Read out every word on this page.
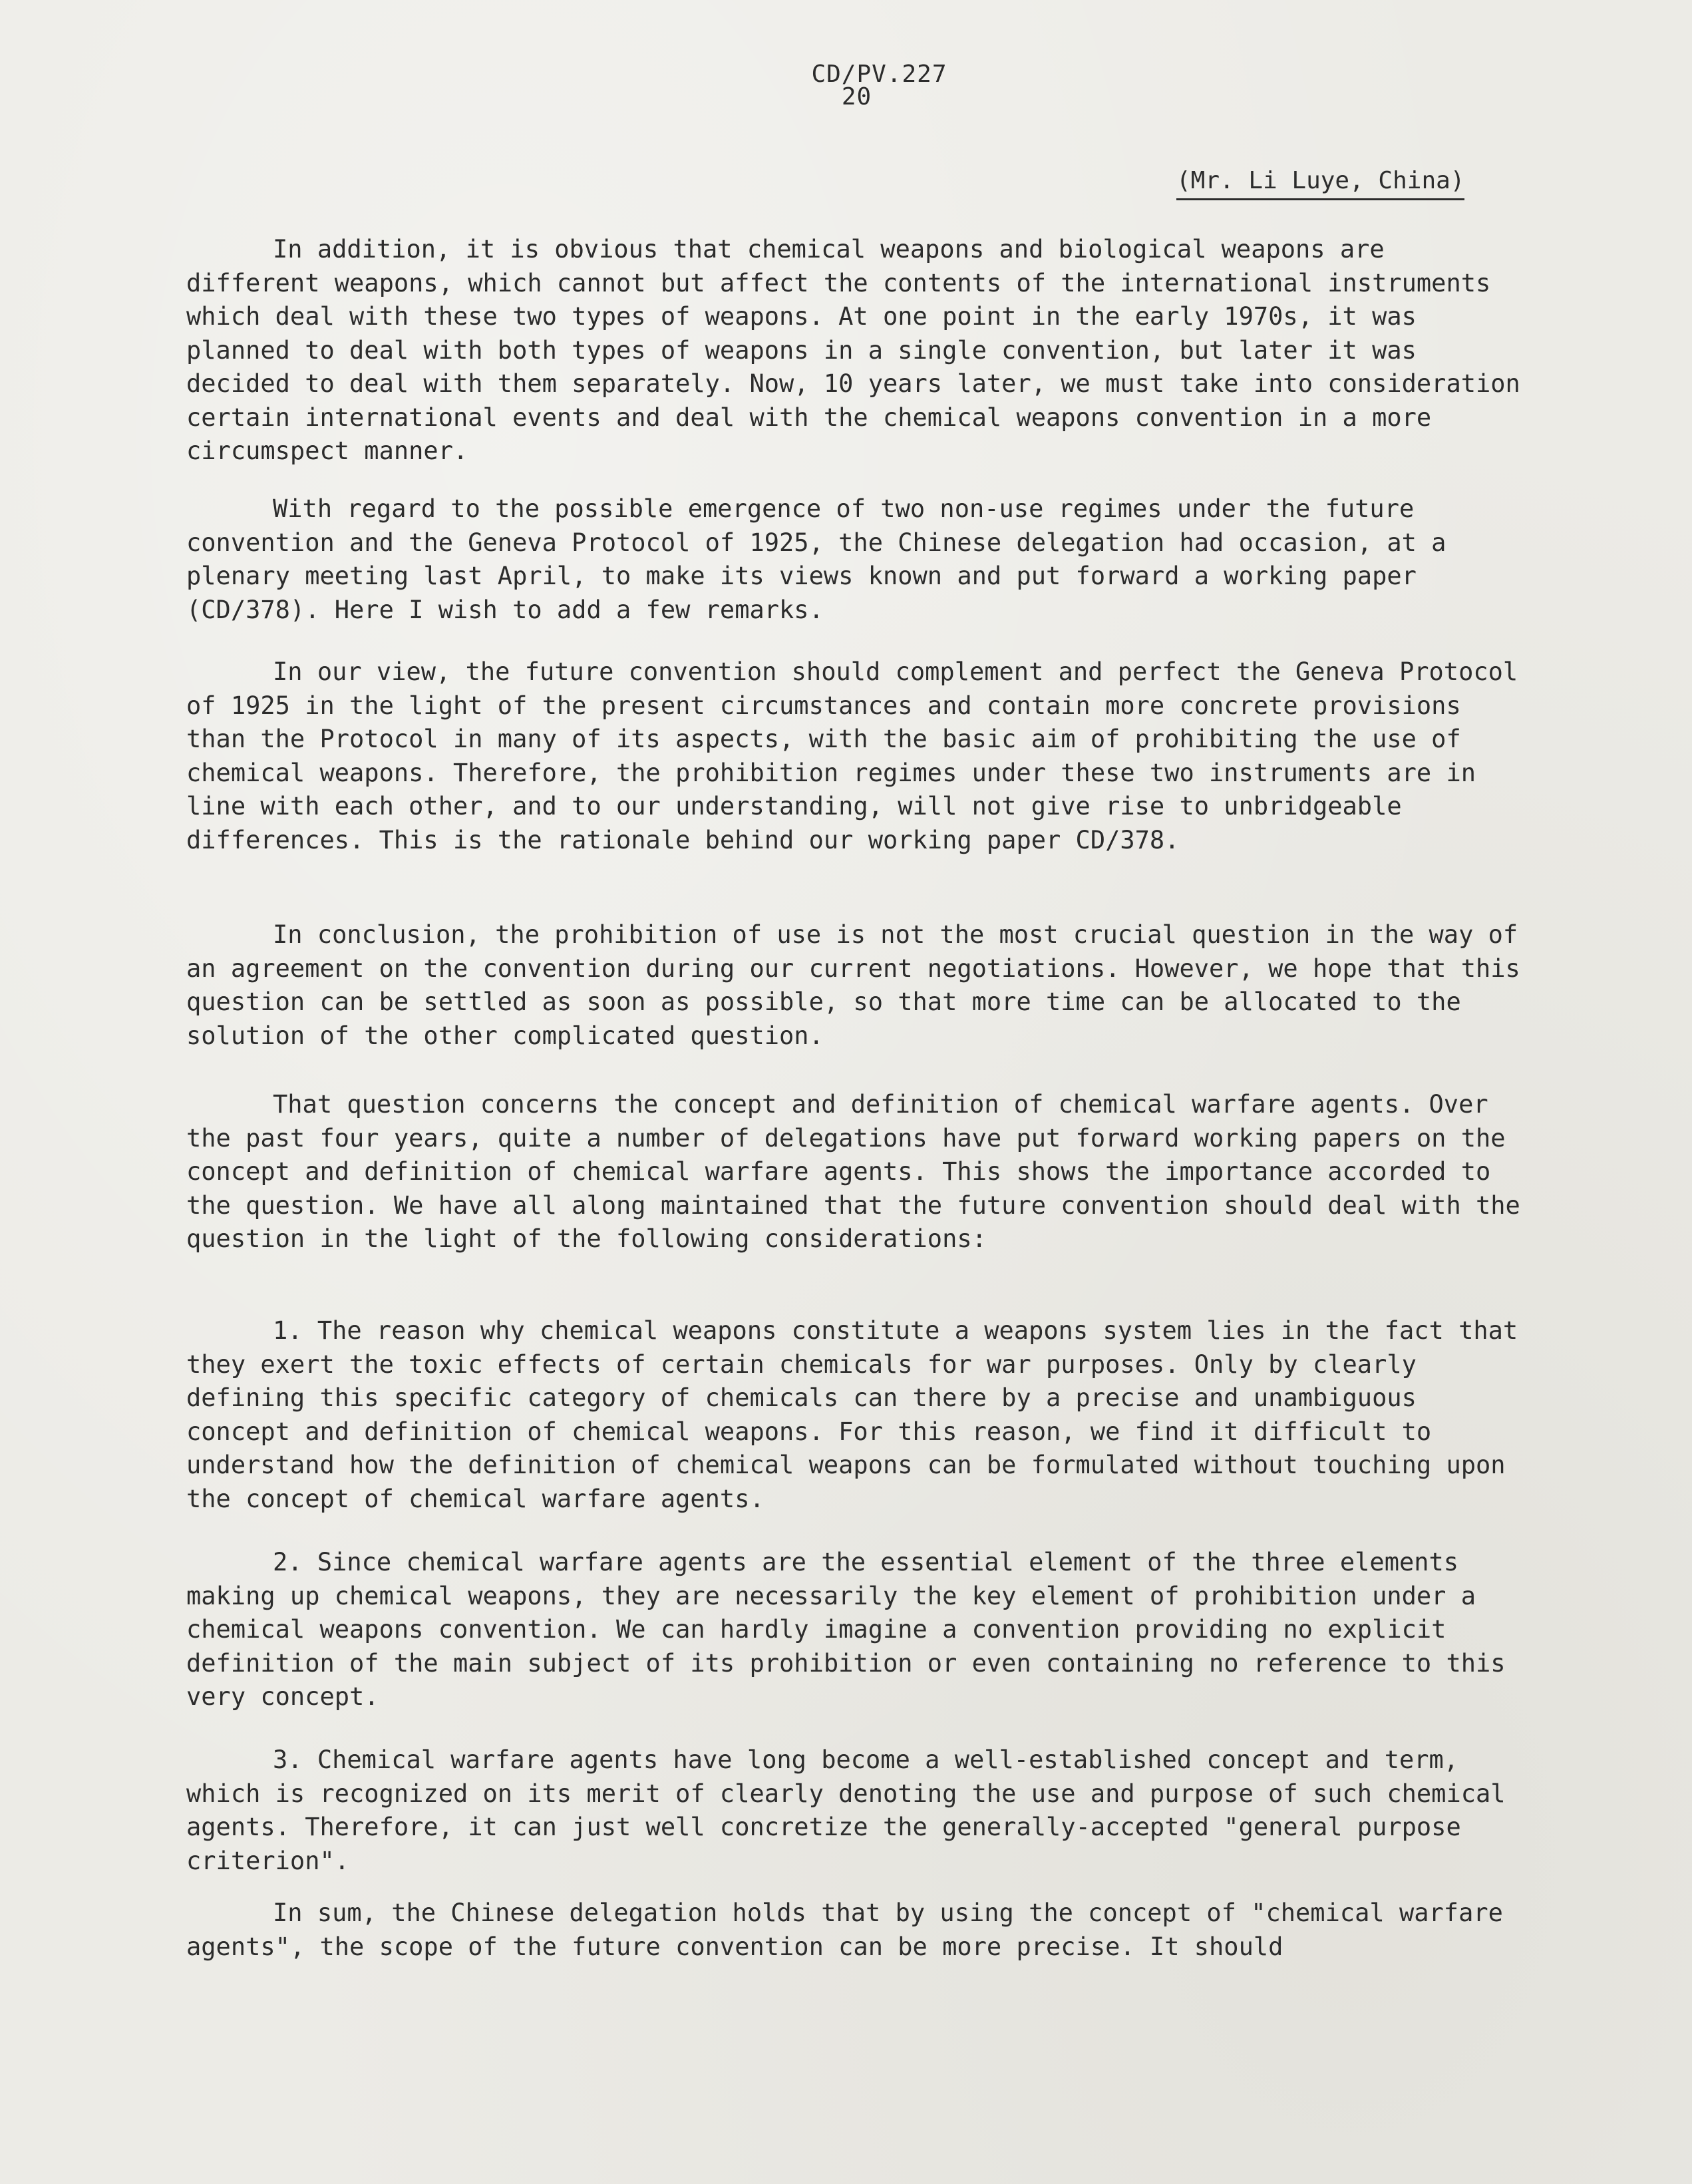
CD/PV.227
20
(Mr. Li Luye, China)

In addition, it is obvious that chemical weapons and biological weapons are different weapons, which cannot but affect the contents of the international instruments which deal with these two types of weapons. At one point in the early 1970s, it was planned to deal with both types of weapons in a single convention, but later it was decided to deal with them separately. Now, 10 years later, we must take into consideration certain international events and deal with the chemical weapons convention in a more circumspect manner.

With regard to the possible emergence of two non-use regimes under the future convention and the Geneva Protocol of 1925, the Chinese delegation had occasion, at a plenary meeting last April, to make its views known and put forward a working paper (CD/378). Here I wish to add a few remarks.

In our view, the future convention should complement and perfect the Geneva Protocol of 1925 in the light of the present circumstances and contain more concrete provisions than the Protocol in many of its aspects, with the basic aim of prohibiting the use of chemical weapons. Therefore, the prohibition regimes under these two instruments are in line with each other, and to our understanding, will not give rise to unbridgeable differences. This is the rationale behind our working paper CD/378.

In conclusion, the prohibition of use is not the most crucial question in the way of an agreement on the convention during our current negotiations. However, we hope that this question can be settled as soon as possible, so that more time can be allocated to the solution of the other complicated question.

That question concerns the concept and definition of chemical warfare agents. Over the past four years, quite a number of delegations have put forward working papers on the concept and definition of chemical warfare agents. This shows the importance accorded to the question. We have all along maintained that the future convention should deal with the question in the light of the following considerations:

1. The reason why chemical weapons constitute a weapons system lies in the fact that they exert the toxic effects of certain chemicals for war purposes. Only by clearly defining this specific category of chemicals can there by a precise and unambiguous concept and definition of chemical weapons. For this reason, we find it difficult to understand how the definition of chemical weapons can be formulated without touching upon the concept of chemical warfare agents.

2. Since chemical warfare agents are the essential element of the three elements making up chemical weapons, they are necessarily the key element of prohibition under a chemical weapons convention. We can hardly imagine a convention providing no explicit definition of the main subject of its prohibition or even containing no reference to this very concept.

3. Chemical warfare agents have long become a well-established concept and term, which is recognized on its merit of clearly denoting the use and purpose of such chemical agents. Therefore, it can just well concretize the generally-accepted "general purpose criterion".

In sum, the Chinese delegation holds that by using the concept of "chemical warfare agents", the scope of the future convention can be more precise. It should
